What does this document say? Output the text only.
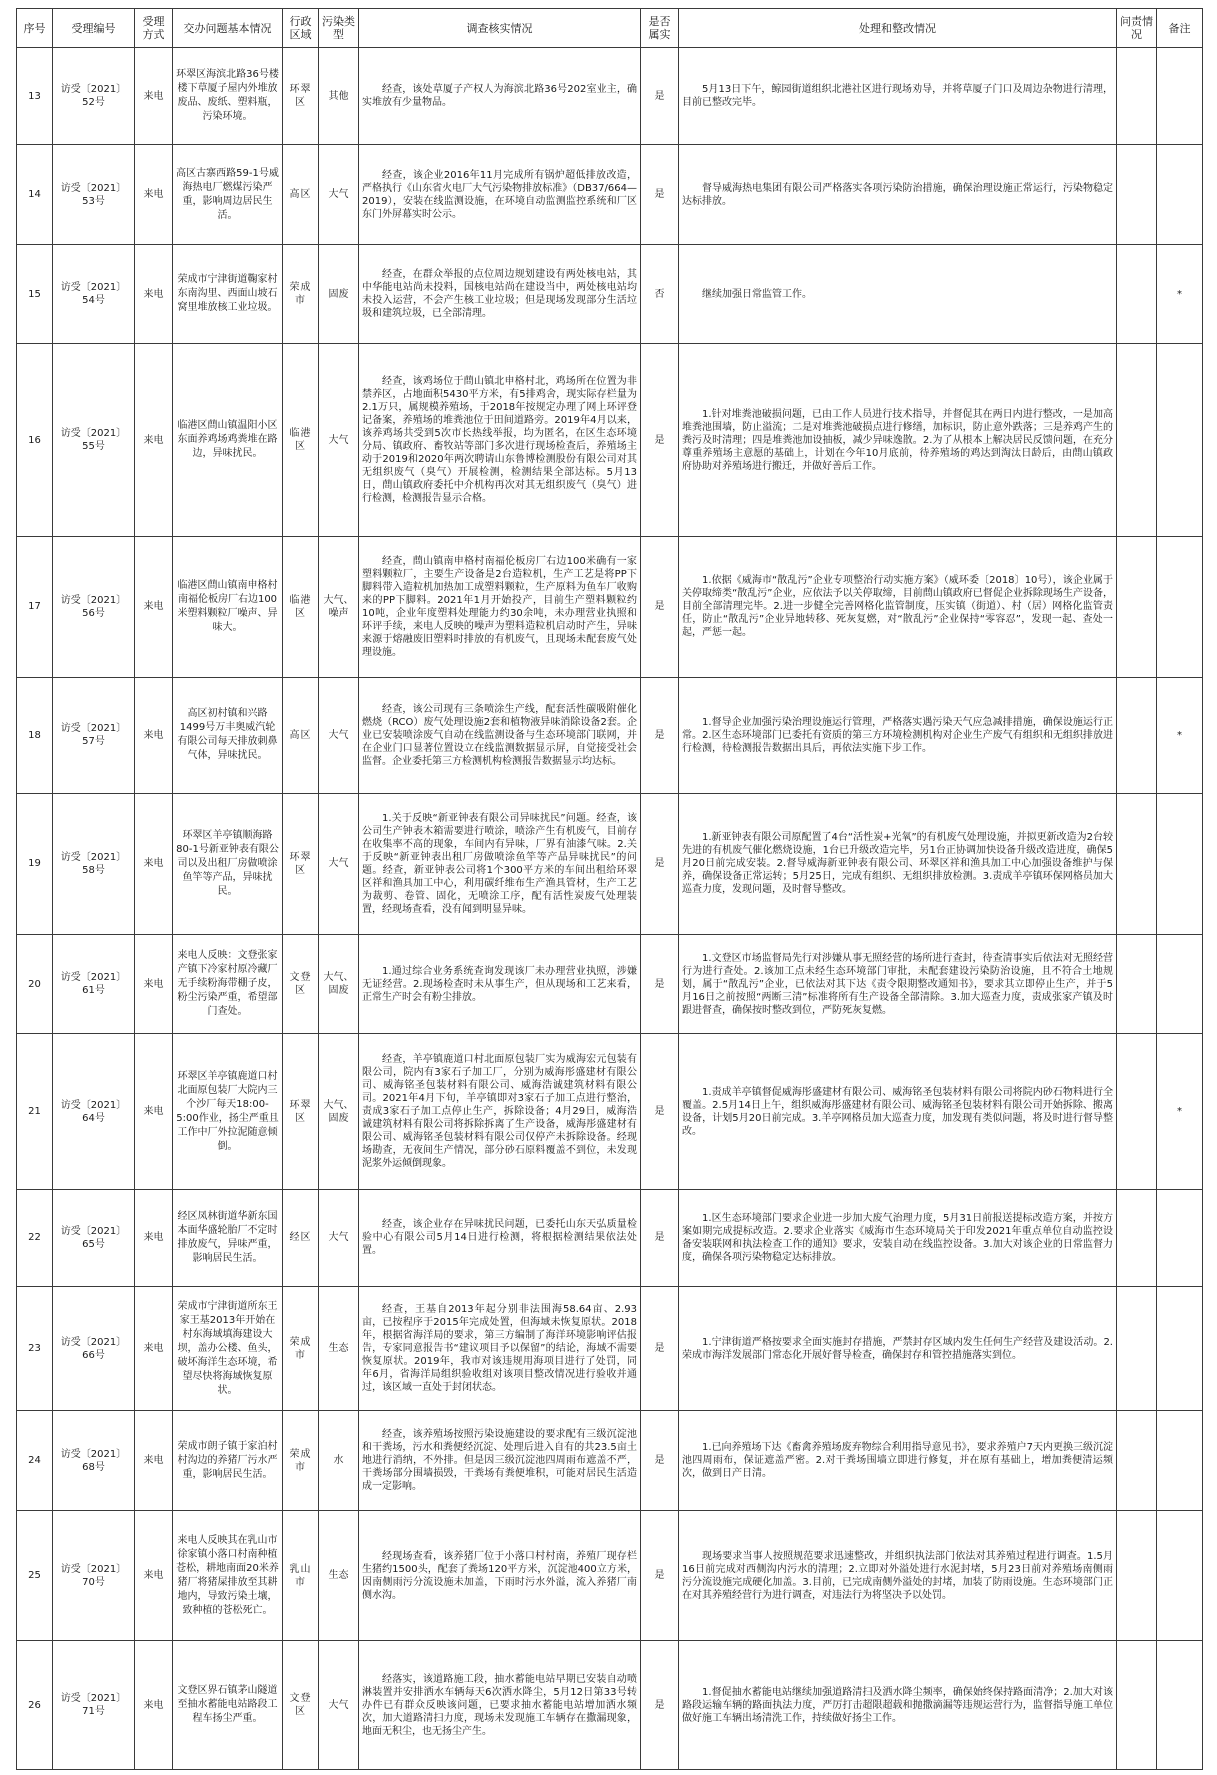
序号	受理编号	受理方式	交办问题基本情况	行政区域	污染类型	调查核实情况	是否属实	处理和整改情况	问责情况	备注
13	访受〔2021〕52号	来电	环翠区海滨北路36号楼楼下草厦子屋内外堆放废品、废纸、塑料瓶，污染环境。	环翠区	其他	经查，该处草厦子产权人为海滨北路36号202室业主，确实堆放有少量物品。	是	5月13日下午，鲸园街道组织北港社区进行现场劝导，并将草厦子门口及周边杂物进行清理，目前已整改完毕。		
14	访受〔2021〕53号	来电	高区古寨西路59-1号威海热电厂燃煤污染严重，影响周边居民生活。	高区	大气	经查，该企业2016年11月完成所有锅炉超低排放改造，严格执行《山东省火电厂大气污染物排放标准》（DB37/664—2019），安装在线监测设施，在环境自动监测监控系统和厂区东门外屏幕实时公示。	是	督导威海热电集团有限公司严格落实各项污染防治措施，确保治理设施正常运行，污染物稳定达标排放。		
15	访受〔2021〕54号	来电	荣成市宁津街道鞠家村东南沟里、西面山坡石窝里堆放核工业垃圾。	荣成市	固废	经查，在群众举报的点位周边规划建设有两处核电站，其中华能电站尚未投料，国核电站尚在建设当中，两处核电站均未投入运营，不会产生核工业垃圾；但是现场发现部分生活垃圾和建筑垃圾，已全部清理。	否	继续加强日常监管工作。		*
16	访受〔2021〕55号	来电	临港区蔄山镇温阳小区东面养鸡场鸡粪堆在路边，异味扰民。	临港区	大气	经查，该鸡场位于蔄山镇北申格村北，鸡场所在位置为非禁养区，占地面积5430平方米，有5排鸡舍，现实际存栏量为2.1万只，属规模养殖场，于2018年按规定办理了网上环评登记备案，养殖场的堆粪池位于田间道路旁。2019年4月以来，该养鸡场共受到5次市长热线举报，均为匿名，在区生态环境分局、镇政府、畜牧站等部门多次进行现场检查后，养殖场主动于2019和2020年两次聘请山东鲁博检测股份有限公司对其无组织废气（臭气）开展检测，检测结果全部达标。5月13日，蔄山镇政府委托中介机构再次对其无组织废气（臭气）进行检测，检测报告显示合格。	是	1.针对堆粪池破损问题，已由工作人员进行技术指导，并督促其在两日内进行整改，一是加高堆粪池围墙，防止溢流；二是对堆粪池破损点进行修缮，加标识，防止意外跌落；三是养鸡产生的粪污及时清理；四是堆粪池加设抽板，减少异味逸散。2.为了从根本上解决居民反馈问题，在充分尊重养殖场主意愿的基础上，计划在今年10月底前，待养殖场的鸡达到淘汰日龄后，由蔄山镇政府协助对养殖场进行搬迁，并做好善后工作。		
17	访受〔2021〕56号	来电	临港区蔄山镇南申格村南福伦板房厂右边100米塑料颗粒厂噪声、异味大。	临港区	大气、噪声	经查，蔄山镇南申格村南福伦板房厂右边100米确有一家塑料颗粒厂，主要生产设备是2台造粒机，生产工艺是将PP下脚料带入造粒机加热加工成塑料颗粒，生产原料为鱼车厂收购来的PP下脚料。2021年1月开始投产，目前生产塑料颗粒约10吨，企业年度塑料处理能力约30余吨，未办理营业执照和环评手续，来电人反映的噪声为塑料造粒机启动时产生，异味来源于熔融废旧塑料时排放的有机废气，且现场未配套废气处理设施。	是	1.依据《威海市“散乱污”企业专项整治行动实施方案》（威环委〔2018〕10号），该企业属于关停取缔类“散乱污”企业，应依法予以关停取缔，目前蔄山镇政府已督促企业拆除现场生产设备，目前全部清理完毕。2.进一步健全完善网格化监管制度，压实镇（街道）、村（居）网格化监管责任，防止“散乱污”企业异地转移、死灰复燃，对“散乱污”企业保持“零容忍”，发现一起、查处一起，严惩一起。		
18	访受〔2021〕57号	来电	高区初村镇和兴路1499号万丰奥威汽轮有限公司每天排放刺鼻气体，异味扰民。	高区	大气	经查，该公司现有三条喷涂生产线，配套活性碳吸附催化燃烧（RCO）废气处理设施2套和植物液异味消除设备2套。企业已安装喷涂废气自动在线监测设备与生态环境部门联网，并在企业门口显著位置设立在线监测数据显示屏，自觉接受社会监督。企业委托第三方检测机构检测报告数据显示均达标。	是	1.督导企业加强污染治理设施运行管理，严格落实遇污染天气应急减排措施，确保设施运行正常。2.区生态环境部门已委托有资质的第三方环境检测机构对企业生产废气有组织和无组织排放进行检测，待检测报告数据出具后，再依法实施下步工作。		*
19	访受〔2021〕58号	来电	环翠区羊亭镇顺海路80-1号新亚钟表有限公司以及出租厂房做喷涂鱼竿等产品，异味扰民。	环翠区	大气	1.关于反映“新亚钟表有限公司异味扰民”问题。经查，该公司生产钟表木箱需要进行喷涂，喷涂产生有机废气，目前存在收集率不高的现象，车间内有异味，厂界有油漆气味。2.关于反映“新亚钟表出租厂房做喷涂鱼竿等产品异味扰民”的问题。经查，新亚钟表公司将1个300平方米的车间出租给环翠区祥和渔具加工中心，利用碳纤维布生产渔具管材，生产工艺为裁剪、卷管、固化，无喷涂工序，配有活性炭废气处理装置，经现场查看，没有闻到明显异味。	是	1.新亚钟表有限公司原配置了4台“活性炭+光氧”的有机废气处理设施，并拟更新改造为2台较先进的有机废气催化燃烧设施，1台已升级改造完毕，另1台正协调加快设备升级改造进度，确保5月20日前完成安装。2.督导威海新亚钟表有限公司、环翠区祥和渔具加工中心加强设备维护与保养，确保设备正常运转；5月25日，完成有组织、无组织排放检测。3.责成羊亭镇环保网格员加大巡查力度，发现问题，及时督导整改。		
20	访受〔2021〕61号	来电	来电人反映：文登张家产镇下冷家村原冷藏厂无手续粉海带棚子皮，粉尘污染严重，希望部门查处。	文登区	大气、固废	1.通过综合业务系统查询发现该厂未办理营业执照，涉嫌无证经营。2.现场检查时未从事生产，但从现场和工艺来看，正常生产时会有粉尘排放。	是	1.文登区市场监督局先行对涉嫌从事无照经营的场所进行查封，待查清事实后依法对无照经营行为进行查处。2.该加工点未经生态环境部门审批，未配套建设污染防治设施，且不符合土地规划，属于“散乱污”企业，已依法对其下达《责令限期整改通知书》，要求其立即停止生产，并于5月16日之前按照“两断三清”标准将所有生产设备全部清除。3.加大巡查力度，责成张家产镇及时跟进督查，确保按时整改到位，严防死灰复燃。		
21	访受〔2021〕64号	来电	环翠区羊亭镇鹿道口村北面原包装厂大院内三个沙厂每天18:00-5:00作业，扬尘严重且工作中厂外拉泥随意倾倒。	环翠区	大气、固废	经查，羊亭镇鹿道口村北面原包装厂实为威海宏元包装有限公司，院内有3家石子加工厂，分别为威海彤盛建材有限公司、威海铭圣包装材料有限公司、威海浩诚建筑材料有限公司。2021年4月下旬，羊亭镇即对3家石子加工点进行整治，责成3家石子加工点停止生产，拆除设备；4月29日，威海浩诚建筑材料有限公司将拆除拆离了生产设备，威海彤盛建材有限公司、威海铭圣包装材料有限公司仅停产未拆除设备。经现场勘查，无夜间生产情况，部分砂石原料覆盖不到位，未发现泥浆外运倾倒现象。	是	1.责成羊亭镇督促威海彤盛建材有限公司、威海铭圣包装材料有限公司将院内砂石物料进行全覆盖。2.5月14日上午，组织威海彤盛建材有限公司、威海铭圣包装材料有限公司开始拆除、搬离设备，计划5月20日前完成。3.羊亭网格员加大巡查力度，加发现有类似问题，将及时进行督导整改。		*
22	访受〔2021〕65号	来电	经区凤林街道华新东国本面华盛轮胎厂不定时排放废气，异味严重，影响居民生活。	经区	大气	经查，该企业存在异味扰民问题，已委托山东天弘质量检验中心有限公司5月14日进行检测，将根据检测结果依法处置。	是	1.区生态环境部门要求企业进一步加大废气治理力度，5月31日前报送提标改造方案，并按方案如期完成提标改造。2.要求企业落实《威海市生态环境局关于印发2021年重点单位自动监控设备安装联网和执法检查工作的通知》要求，安装自动在线监控设备。3.加大对该企业的日常监督力度，确保各项污染物稳定达标排放。		
23	访受〔2021〕66号	来电	荣成市宁津街道所东王家王基2013年开始在村东海域填海建设大坝，盖办公楼、鱼头，破坏海洋生态环境，希望尽快将海域恢复原状。	荣成市	生态	经查，王基自2013年起分别非法围海58.64亩、2.93亩，已按程序于2015年完成处置，但海域未恢复原状。2018年，根据省海洋局的要求，第三方编制了海洋环境影响评估报告，专家同意报告书“建议项目予以保留”的结论，海域不需要恢复原状。2019年，我市对该违规用海项目进行了处罚，同年6月，省海洋局组织验收组对该项目整改情况进行验收并通过，该区域一直处于封闭状态。	是	1.宁津街道严格按要求全面实施封存措施，严禁封存区域内发生任何生产经营及建设活动。2.荣成市海洋发展部门常态化开展好督导检查，确保封存和管控措施落实到位。		
24	访受〔2021〕68号	来电	荣成市朗子镇于家泊村村沟边的养猪厂污水严重，影响居民生活。	荣成市	水	经查，该养殖场按照污染设施建设的要求配有三级沉淀池和干粪场，污水和粪便经沉淀、处理后进入自有的共23.5亩土地进行消纳，不外排。但是因三级沉淀池四周雨布遮盖不严，干粪场部分围墙损毁，干粪场有粪便堆积，可能对居民生活造成一定影响。	是	1.已向养殖场下达《畜禽养殖场废弃物综合利用指导意见书》，要求养殖户7天内更换三级沉淀池四周雨布，保证遮盖严密。2.对干粪场围墙立即进行修复，并在原有基础上，增加粪便清运频次，做到日产日清。		
25	访受〔2021〕70号	来电	来电人反映其在乳山市徐家镇小落口村南种植苍松，耕地南面20米养猪厂将猪屎排放至其耕地内，导致污染土壤，致种植的苍松死亡。	乳山市	生态	经现场查看，该养猪厂位于小落口村村南，养殖厂现存栏生猪约1500头，配套了粪场120平方米，沉淀池400立方米，因南侧雨污分流设施未加盖，下雨时污水外溢，流入养猪厂南侧水沟。	是	现场要求当事人按照规范要求迅速整改，并组织执法部门依法对其养殖过程进行调查。1.5月16日前完成对西侧沟内污水的清理；2.立即对外溢处进行水泥封堵，5月23日前对养殖场南侧雨污分流设施完成硬化加盖。3.目前，已完成南侧外溢处的封堵，加装了防雨设施。生态环境部门正在对其养殖经营行为进行调查，对违法行为将坚决予以处罚。		
26	访受〔2021〕71号	来电	文登区界石镇茅山隧道至抽水蓄能电站路段工程车扬尘严重。	文登区	大气	经落实，该道路施工段，抽水蓄能电站早期已安装自动喷淋装置并安排洒水车辆每天6次洒水降尘，5月12日第33号转办件已有群众反映该问题，已要求抽水蓄能电站增加洒水频次，加大道路清扫力度，现场未发现施工车辆存在撒漏现象，地面无积尘，也无扬尘产生。	是	1.督促抽水蓄能电站继续加强道路清扫及洒水降尘频率，确保始终保持路面清净；2.加大对该路段运输车辆的路面执法力度，严厉打击超限超载和抛撒滴漏等违规运营行为，监督指导施工单位做好施工车辆出场清洗工作，持续做好扬尘工作。		
